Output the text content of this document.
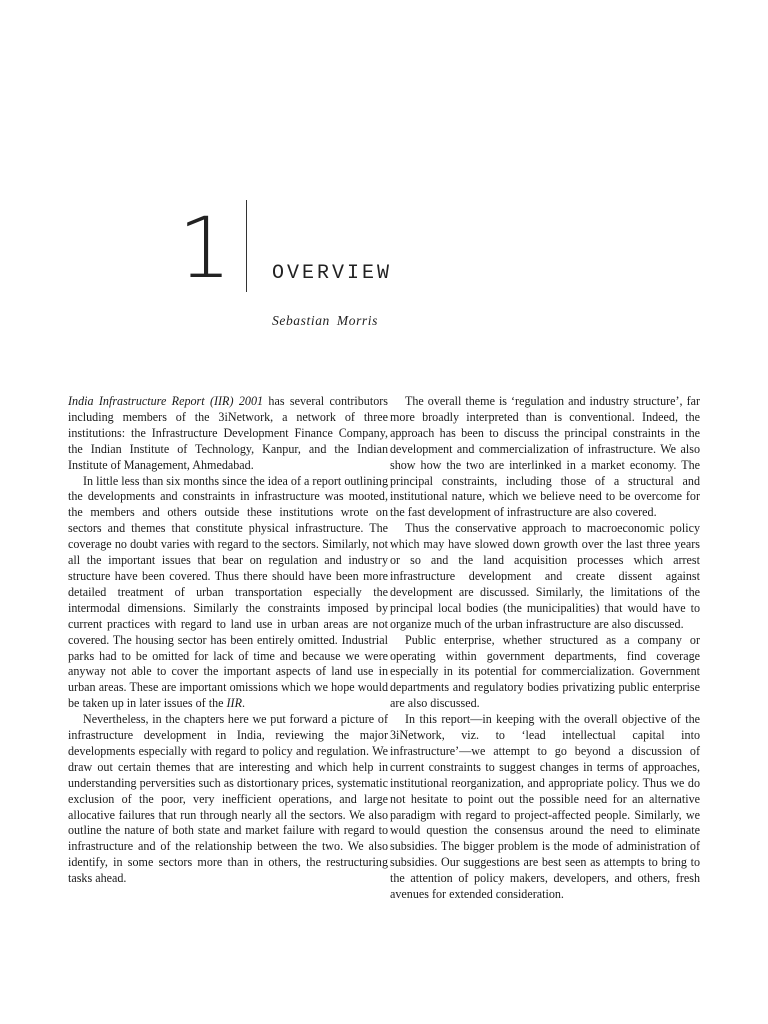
1 OVERVIEW
Sebastian Morris

India Infrastructure Report (IIR) 2001 has several contributors including members of the 3iNetwork, a network of three institutions: the Infrastructure Development Finance Company, the Indian Institute of Technology, Kanpur, and the Indian Institute of Management, Ahmedabad.

In little less than six months since the idea of a report outlining the developments and constraints in infrastructure was mooted, the members and others outside these institutions wrote on sectors and themes that constitute physical infrastructure. The coverage no doubt varies with regard to the sectors. Similarly, not all the important issues that bear on regulation and industry structure have been covered. Thus there should have been more detailed treatment of urban transportation especially the intermodal dimensions. Similarly the constraints imposed by current practices with regard to land use in urban areas are not covered. The housing sector has been entirely omitted. Industrial parks had to be omitted for lack of time and because we were anyway not able to cover the important aspects of land use in urban areas. These are important omissions which we hope would be taken up in later issues of the IIR.

Nevertheless, in the chapters here we put forward a picture of infrastructure development in India, reviewing the major developments especially with regard to policy and regulation. We draw out certain themes that are interesting and which help in understanding perversities such as distortionary prices, systematic exclusion of the poor, very inefficient operations, and large allocative failures that run through nearly all the sectors. We also outline the nature of both state and market failure with regard to infrastructure and of the relationship between the two. We also identify, in some sectors more than in others, the restructuring tasks ahead.

The overall theme is ‘regulation and industry structure’, far more broadly interpreted than is conventional. Indeed, the approach has been to discuss the principal constraints in the development and commercialization of infrastructure. We also show how the two are interlinked in a market economy. The principal constraints, including those of a structural and institutional nature, which we believe need to be overcome for the fast development of infrastructure are also covered.

Thus the conservative approach to macroeconomic policy which may have slowed down growth over the last three years or so and the land acquisition processes which arrest infrastructure development and create dissent against development are discussed. Similarly, the limitations of the principal local bodies (the municipalities) that would have to organize much of the urban infrastructure are also discussed.

Public enterprise, whether structured as a company or operating within government departments, find coverage especially in its potential for commercialization. Government departments and regulatory bodies privatizing public enterprise are also discussed.

In this report—in keeping with the overall objective of the 3iNetwork, viz. to ‘lead intellectual capital into infrastructure’—we attempt to go beyond a discussion of current constraints to suggest changes in terms of approaches, institutional reorganization, and appropriate policy. Thus we do not hesitate to point out the possible need for an alternative paradigm with regard to project-affected people. Similarly, we would question the consensus around the need to eliminate subsidies. The bigger problem is the mode of administration of subsidies. Our suggestions are best seen as attempts to bring to the attention of policy makers, developers, and others, fresh avenues for extended consideration.
